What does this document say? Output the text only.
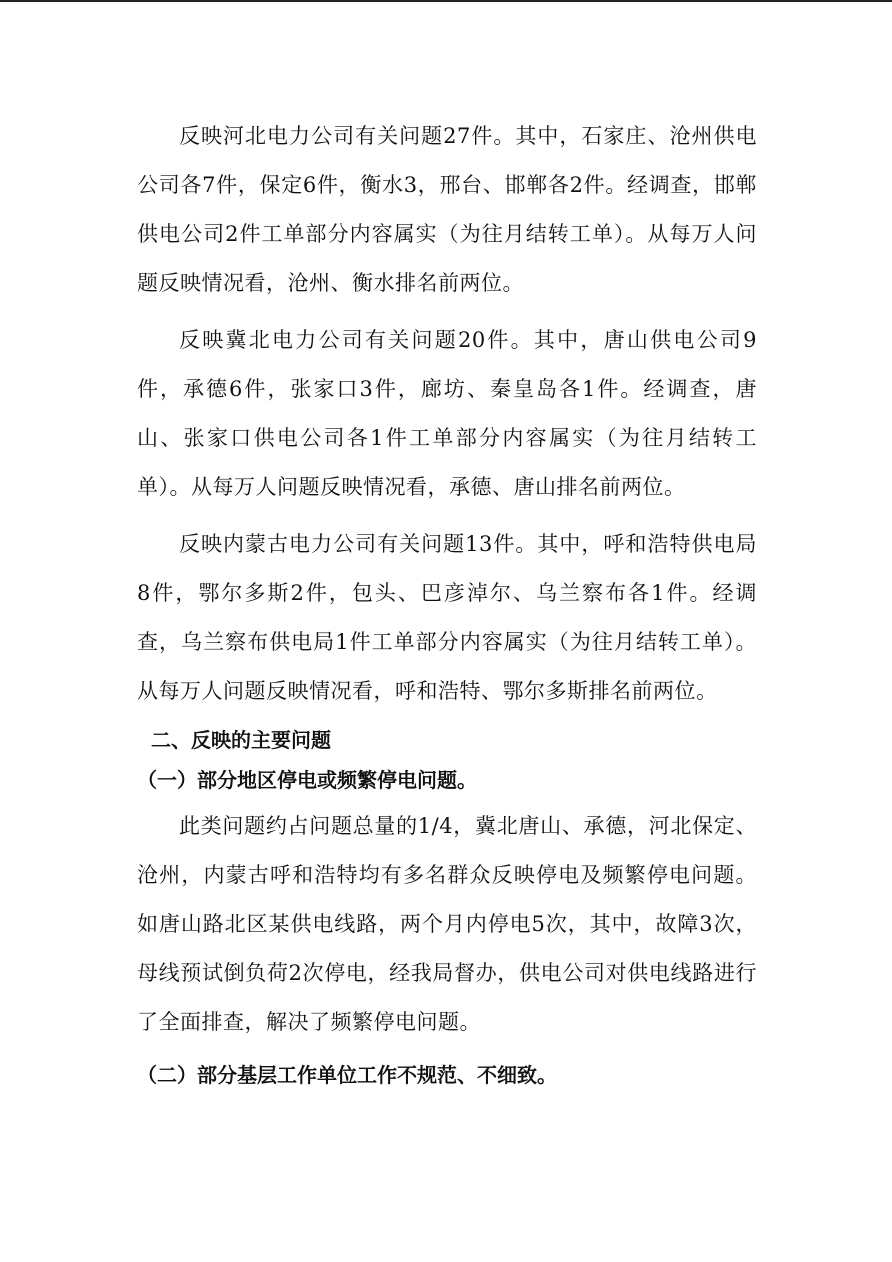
反映河北电力公司有关问题27件。其中，石家庄、沧州供电公司各7件，保定6件，衡水3，邢台、邯郸各2件。经调查，邯郸供电公司2件工单部分内容属实（为往月结转工单）。从每万人问题反映情况看，沧州、衡水排名前两位。

反映冀北电力公司有关问题20件。其中，唐山供电公司9件，承德6件，张家口3件，廊坊、秦皇岛各1件。经调查，唐山、张家口供电公司各1件工单部分内容属实（为往月结转工单）。从每万人问题反映情况看，承德、唐山排名前两位。

反映内蒙古电力公司有关问题13件。其中，呼和浩特供电局8件，鄂尔多斯2件，包头、巴彦淖尔、乌兰察布各1件。经调查，乌兰察布供电局1件工单部分内容属实（为往月结转工单）。从每万人问题反映情况看，呼和浩特、鄂尔多斯排名前两位。

二、反映的主要问题
（一）部分地区停电或频繁停电问题。

此类问题约占问题总量的1/4，冀北唐山、承德，河北保定、沧州，内蒙古呼和浩特均有多名群众反映停电及频繁停电问题。如唐山路北区某供电线路，两个月内停电5次，其中，故障3次，母线预试倒负荷2次停电，经我局督办，供电公司对供电线路进行了全面排查，解决了频繁停电问题。

（二）部分基层工作单位工作不规范、不细致。
